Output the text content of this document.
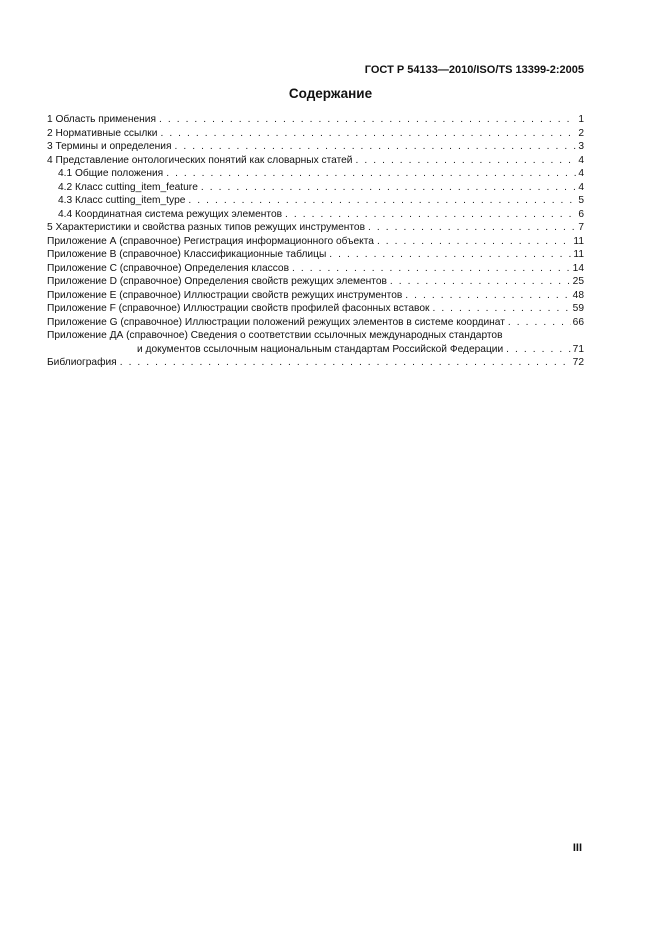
ГОСТ Р 54133—2010/ISO/TS 13399-2:2005
Содержание
1 Область применения . . .	1
2 Нормативные ссылки . . .	2
3 Термины и определения . . .	3
4 Представление онтологических понятий как словарных статей . . .	4
4.1 Общие положения . . .	4
4.2 Класс cutting_item_feature . . .	4
4.3 Класс cutting_item_type . . .	5
4.4 Координатная система режущих элементов . . .	6
5 Характеристики и свойства разных типов режущих инструментов . . .	7
Приложение А (справочное) Регистрация информационного объекта . . .	11
Приложение В (справочное) Классификационные таблицы . . .	11
Приложение С (справочное) Определения классов . . .	14
Приложение D (справочное) Определения свойств режущих элементов . . .	25
Приложение Е (справочное) Иллюстрации свойств режущих инструментов . . .	48
Приложение F (справочное) Иллюстрации свойств профилей фасонных вставок . . .	59
Приложение G (справочное) Иллюстрации положений режущих элементов в системе координат . . .	66
Приложение ДА (справочное) Сведения о соответствии ссылочных международных стандартов
и документов ссылочным национальным стандартам Российской Федерации . . .	71
Библиография . . .	72
III
